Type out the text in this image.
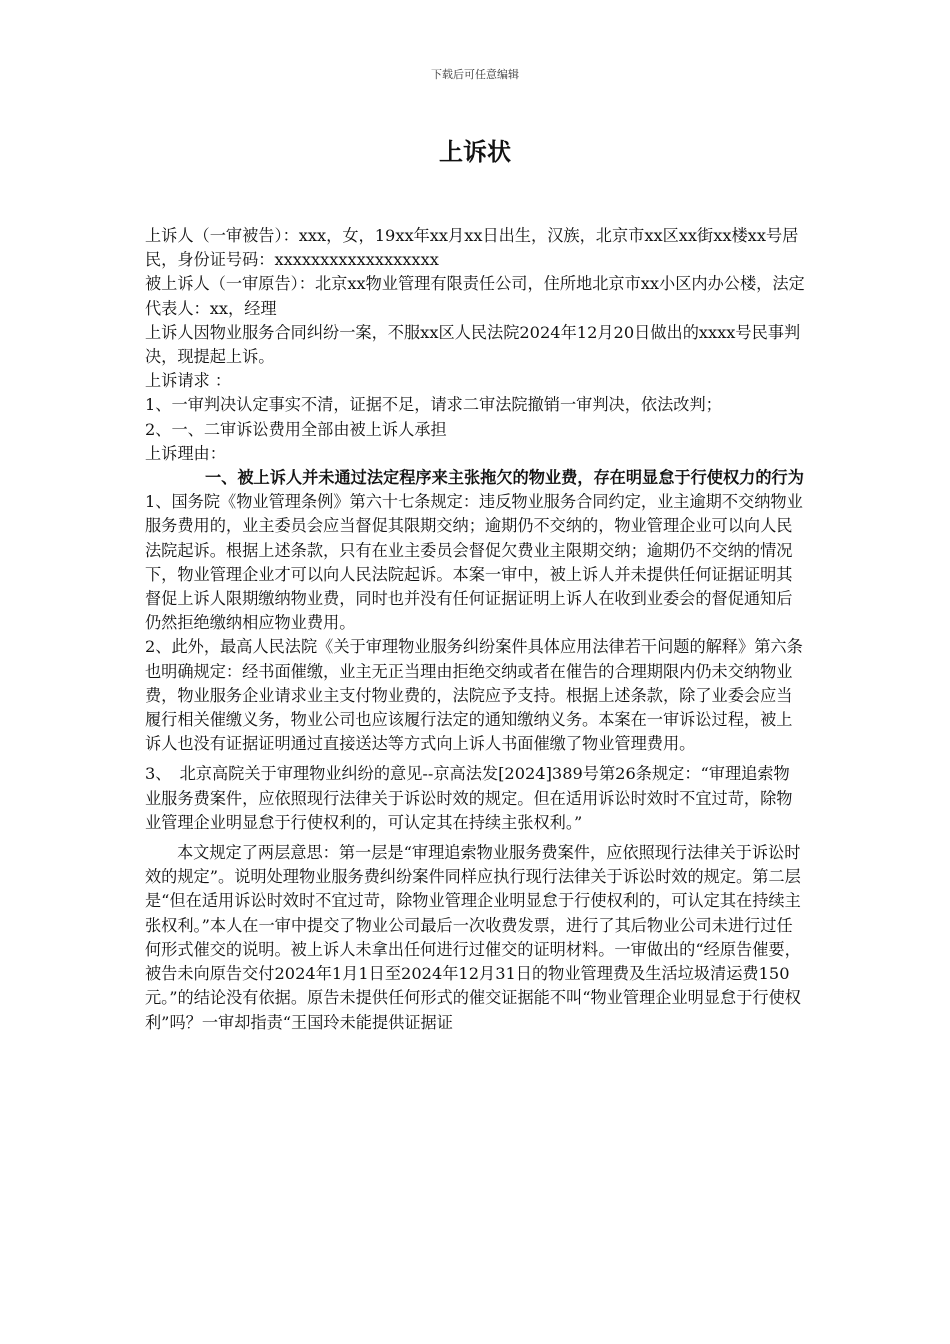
下载后可任意编辑
上诉状

上诉人（一审被告）：xxx，女，19xx年xx月xx日出生，汉族，北京市xx区xx街xx楼xx号居民，身份证号码：xxxxxxxxxxxxxxxxxx

被上诉人（一审原告）：北京xx物业管理有限责任公司，住所地北京市xx小区内办公楼，法定代表人：xx，经理

上诉人因物业服务合同纠纷一案，不服xx区人民法院2024年12月20日做出的xxxx号民事判决，现提起上诉。

上诉请求 ：

1、一审判决认定事实不清，证据不足，请求二审法院撤销一审判决，依法改判；

2、一、二审诉讼费用全部由被上诉人承担

上诉理由：

一、被上诉人并未通过法定程序来主张拖欠的物业费，存在明显怠于行使权力的行为

1、国务院《物业管理条例》第六十七条规定：违反物业服务合同约定，业主逾期不交纳物业服务费用的，业主委员会应当督促其限期交纳；逾期仍不交纳的，物业管理企业可以向人民法院起诉。根据上述条款，只有在业主委员会督促欠费业主限期交纳；逾期仍不交纳的情况下，物业管理企业才可以向人民法院起诉。本案一审中，被上诉人并未提供任何证据证明其督促上诉人限期缴纳物业费，同时也并没有任何证据证明上诉人在收到业委会的督促通知后仍然拒绝缴纳相应物业费用。

2、此外，最高人民法院《关于审理物业服务纠纷案件具体应用法律若干问题的解释》第六条也明确规定：经书面催缴，业主无正当理由拒绝交纳或者在催告的合理期限内仍未交纳物业费，物业服务企业请求业主支付物业费的，法院应予支持。根据上述条款，除了业委会应当履行相关催缴义务，物业公司也应该履行法定的通知缴纳义务。本案在一审诉讼过程，被上诉人也没有证据证明通过直接送达等方式向上诉人书面催缴了物业管理费用。

3、　北京高院关于审理物业纠纷的意见--京高法发[2024]389号第26条规定：“审理追索物业服务费案件，应依照现行法律关于诉讼时效的规定。但在适用诉讼时效时不宜过苛，除物业管理企业明显怠于行使权利的，可认定其在持续主张权利。”

本文规定了两层意思：第一层是“审理追索物业服务费案件，应依照现行法律关于诉讼时效的规定”。说明处理物业服务费纠纷案件同样应执行现行法律关于诉讼时效的规定。第二层是“但在适用诉讼时效时不宜过苛，除物业管理企业明显怠于行使权利的，可认定其在持续主张权利。”本人在一审中提交了物业公司最后一次收费发票，进行了其后物业公司未进行过任何形式催交的说明。被上诉人未拿出任何进行过催交的证明材料。一审做出的“经原告催要，被告未向原告交付2024年1月1日至2024年12月31日的物业管理费及生活垃圾清运费150元。”的结论没有依据。原告未提供任何形式的催交证据能不叫“物业管理企业明显怠于行使权利”吗？一审却指责“王国玲未能提供证据证
